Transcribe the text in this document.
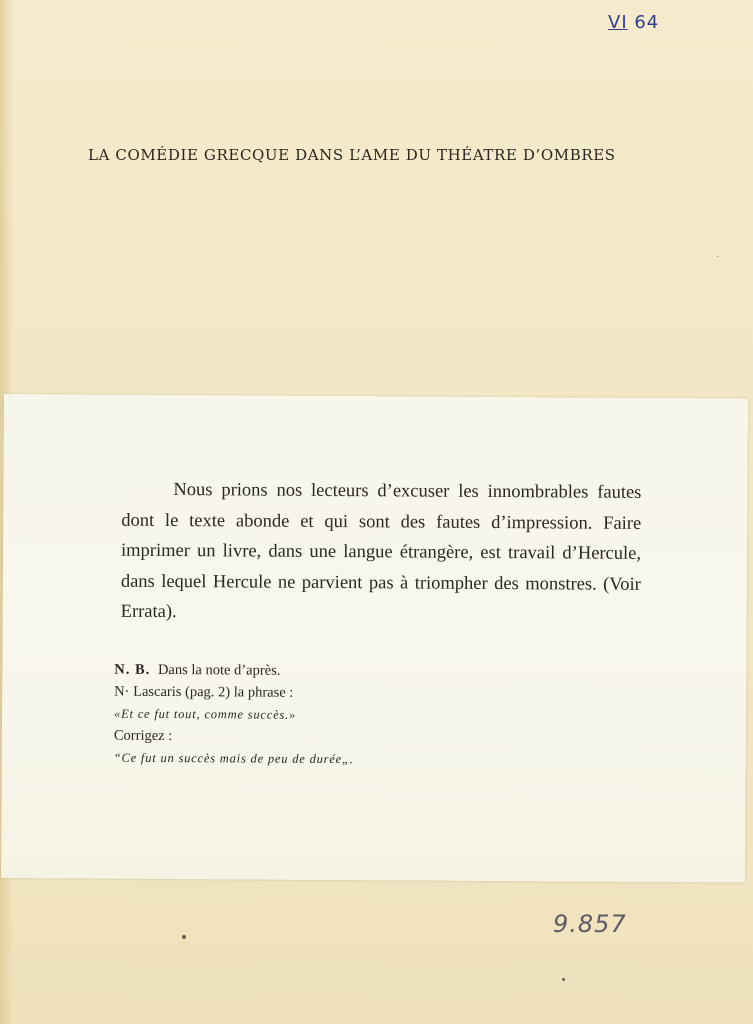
VI 64
LA COMÉDIE GRECQUE DANS L’AME DU THÉATRE D’OMBRES
·

Nous prions nos lecteurs d’excuser les innombrables fautes dont le texte abonde et qui sont des fautes d’impression. Faire imprimer un livre, dans une langue étrangère, est travail d’Hercule, dans lequel Hercule ne parvient pas à triompher des monstres. (Voir Errata).

N. B. Dans la note d’après.
N· Lascaris (pag. 2) la phrase :
«Et ce fut tout, comme succès.»
Corrigez :
“Ce fut un succès mais de peu de durée„.
9.857
